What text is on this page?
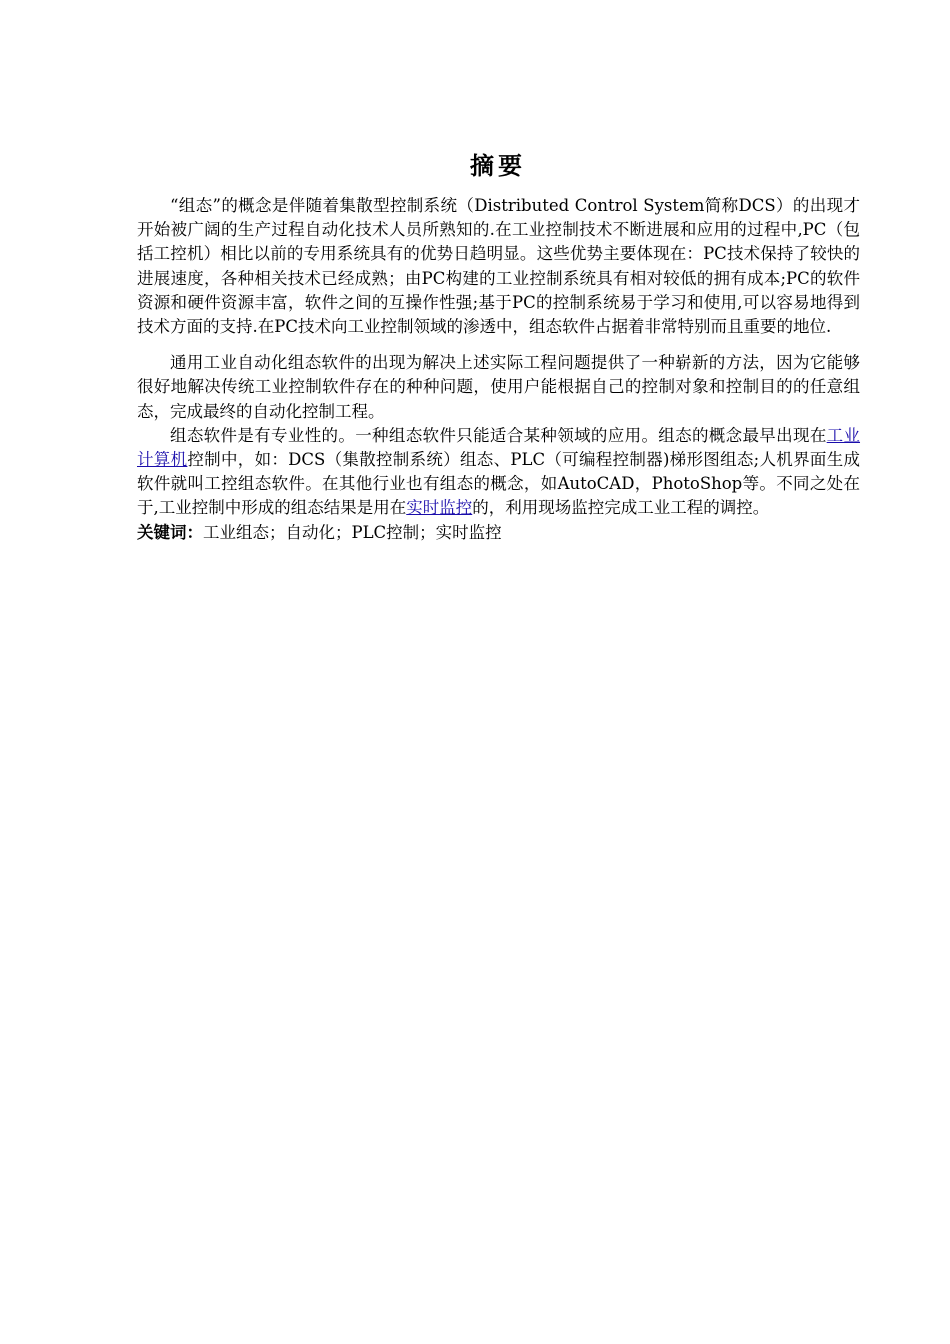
摘要

“组态”的概念是伴随着集散型控制系统（Distributed Control System简称DCS）的出现才开始被广阔的生产过程自动化技术人员所熟知的.在工业控制技术不断进展和应用的过程中,PC（包括工控机）相比以前的专用系统具有的优势日趋明显。这些优势主要体现在：PC技术保持了较快的进展速度，各种相关技术已经成熟；由PC构建的工业控制系统具有相对较低的拥有成本;PC的软件资源和硬件资源丰富，软件之间的互操作性强;基于PC的控制系统易于学习和使用,可以容易地得到技术方面的支持.在PC技术向工业控制领域的渗透中，组态软件占据着非常特别而且重要的地位.

通用工业自动化组态软件的出现为解决上述实际工程问题提供了一种崭新的方法，因为它能够很好地解决传统工业控制软件存在的种种问题，使用户能根据自己的控制对象和控制目的的任意组态，完成最终的自动化控制工程。

组态软件是有专业性的。一种组态软件只能适合某种领域的应用。组态的概念最早出现在工业计算机控制中，如：DCS（集散控制系统）组态、PLC（可编程控制器)梯形图组态;人机界面生成软件就叫工控组态软件。在其他行业也有组态的概念，如AutoCAD，PhotoShop等。不同之处在于,工业控制中形成的组态结果是用在实时监控的，利用现场监控完成工业工程的调控。

关键词：工业组态；自动化；PLC控制；实时监控
